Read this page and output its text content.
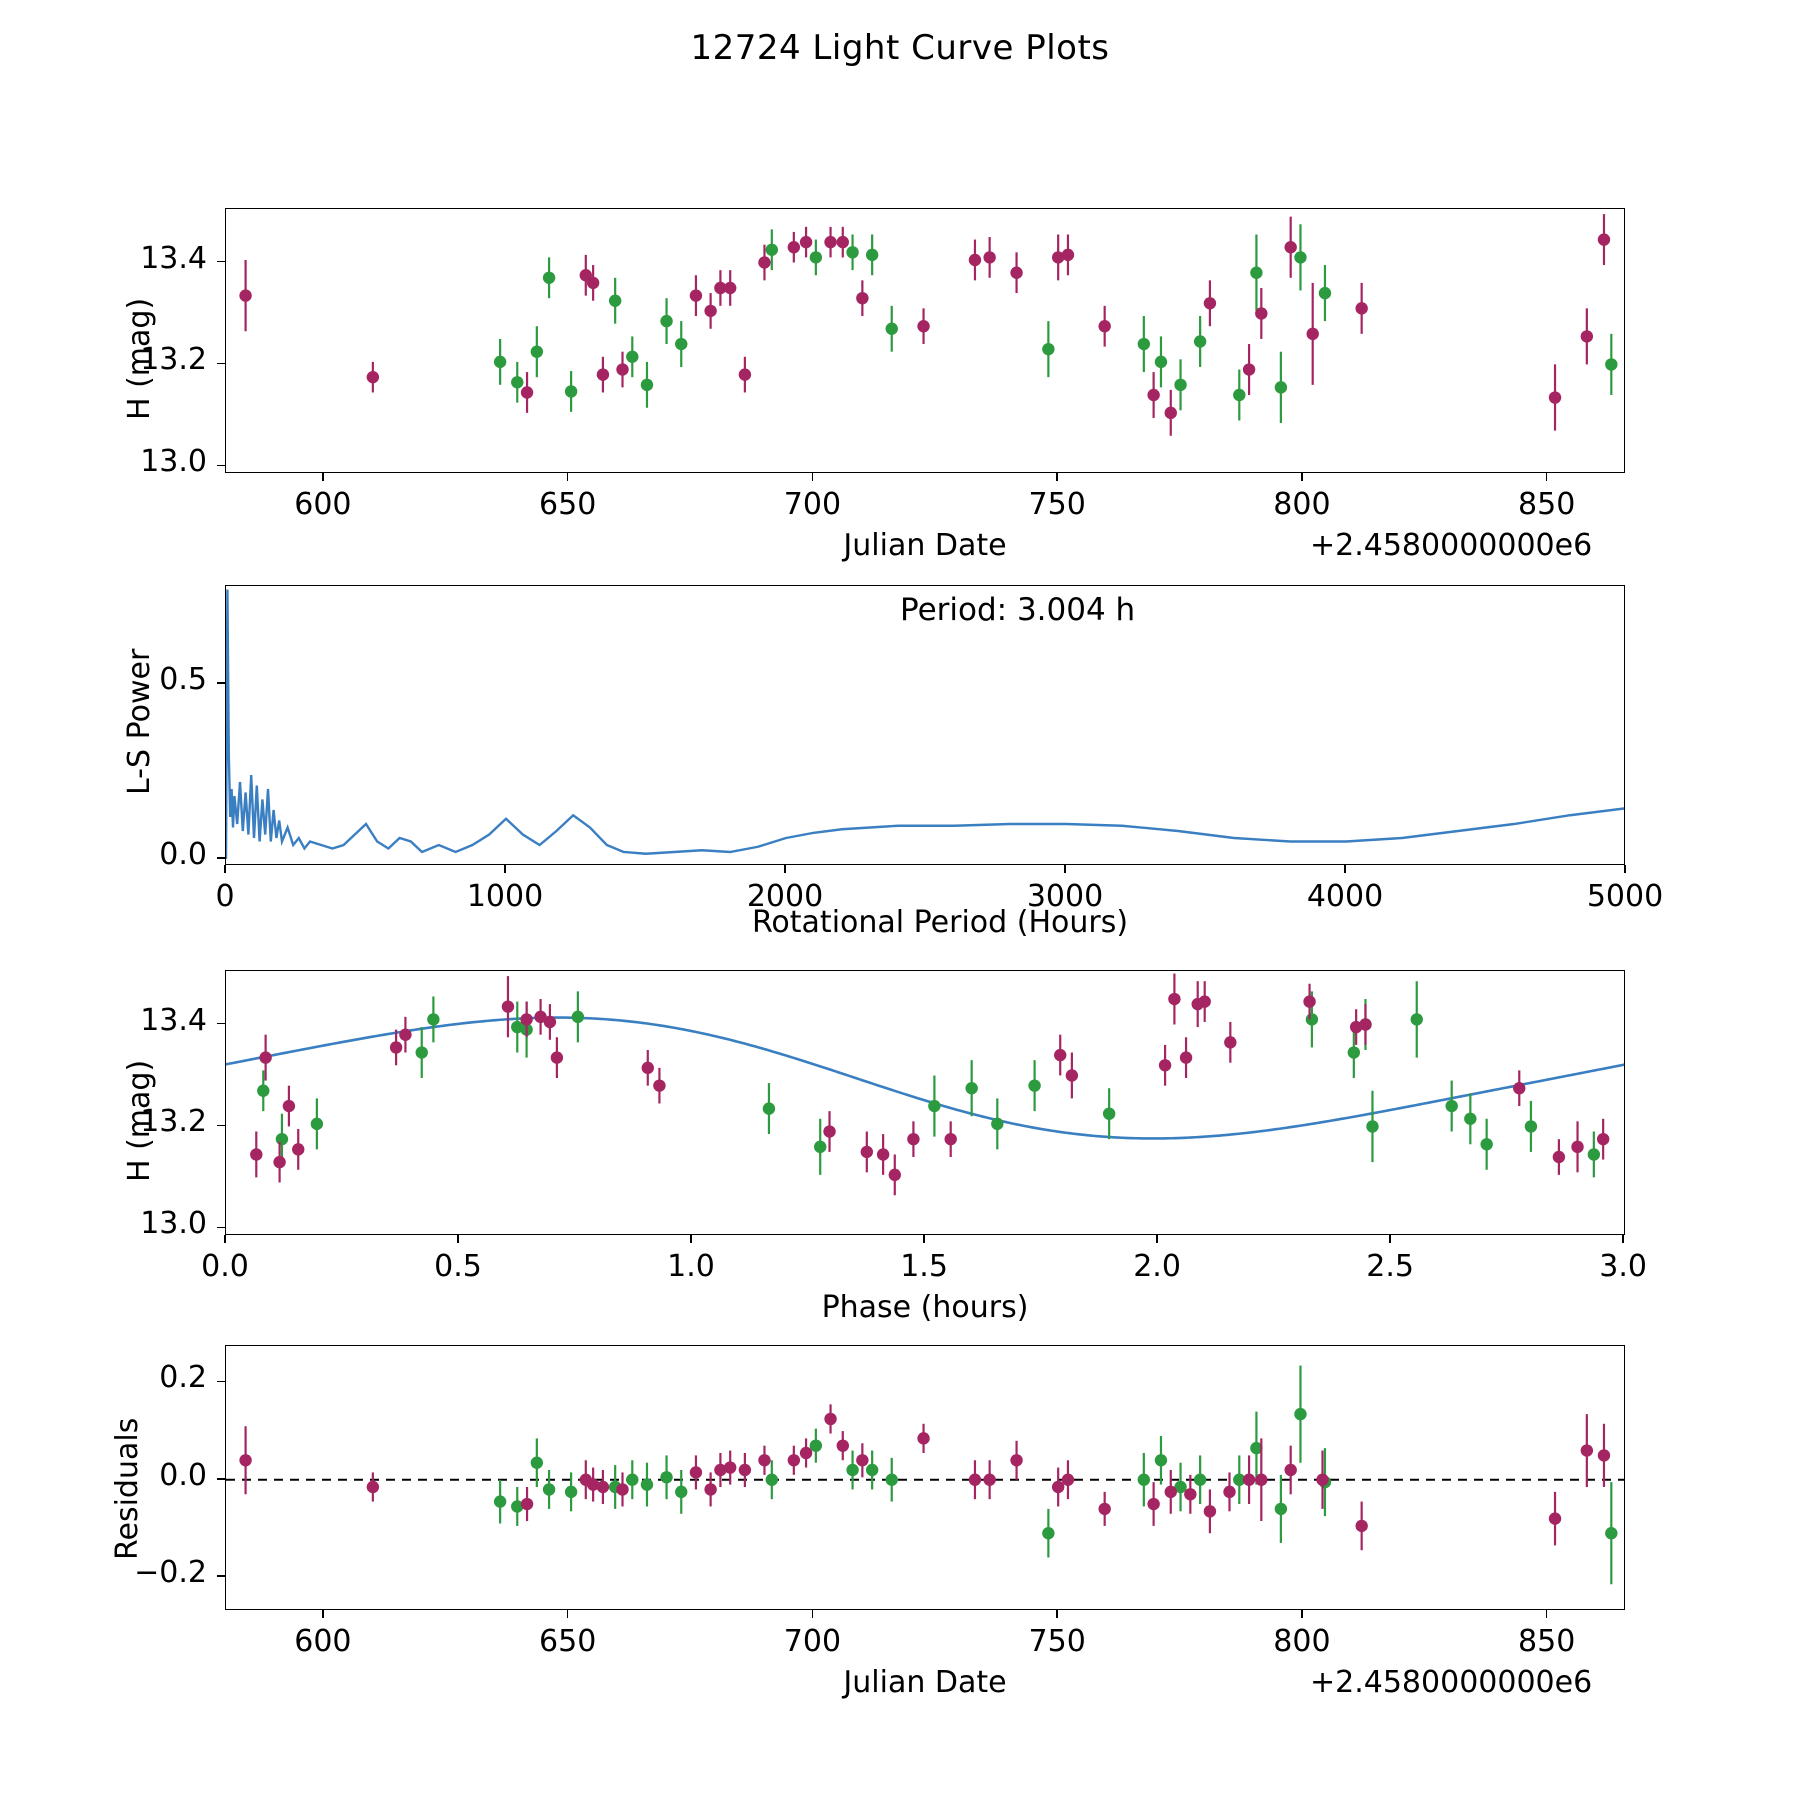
12724 Light Curve Plots
H (mag)
Julian Date	+2.4580000000e6
Period: 3.004 h
L-S Power
Rotational Period (Hours)
H (mag)
Phase (hours)
Residuals
Julian Date	+2.4580000000e6
600	650	700	750	800	850
13.0
13.2
13.4
0	1000	2000	3000	4000	5000
0.0
0.5
0.0	0.5	1.0	1.5	2.0	2.5	3.0
13.0
13.2
13.4
600	650	700	750	800	850
−0.2
0.0
0.2
